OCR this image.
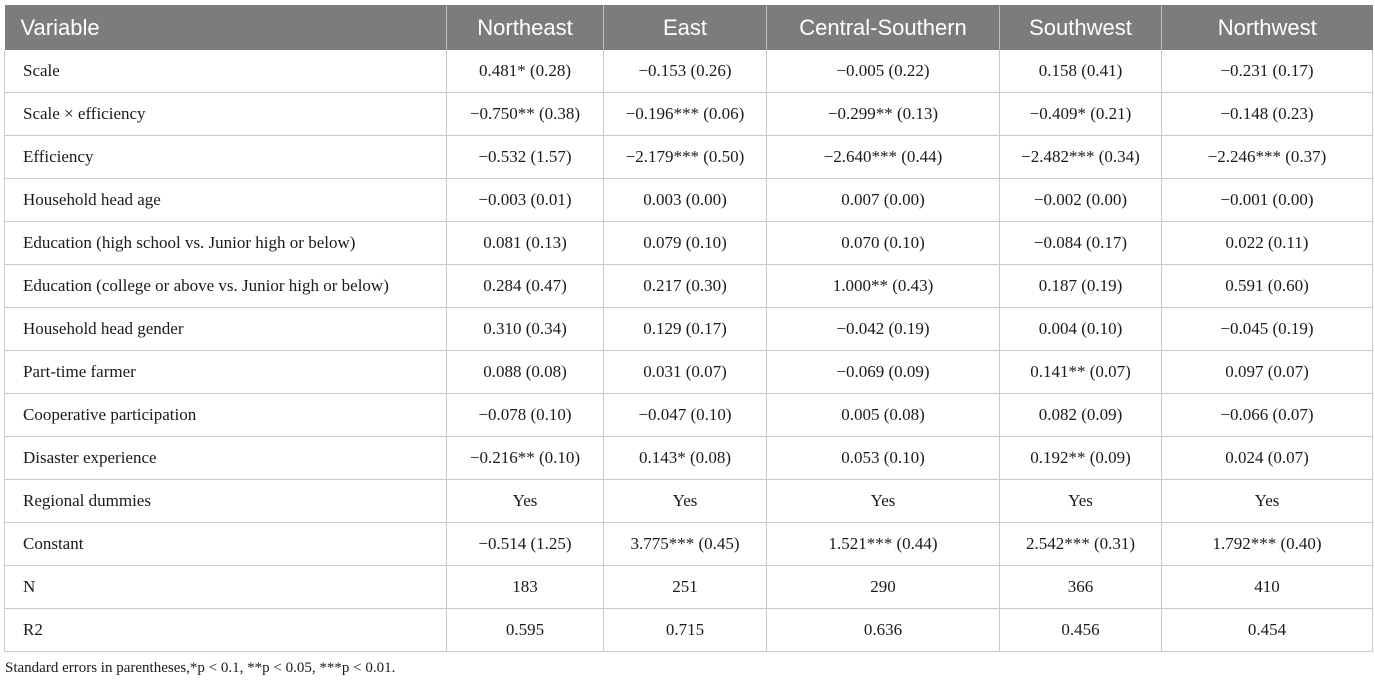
Variable	Northeast	East	Central-Southern	Southwest	Northwest
Scale	0.481* (0.28)	−0.153 (0.26)	−0.005 (0.22)	0.158 (0.41)	−0.231 (0.17)
Scale × efficiency	−0.750** (0.38)	−0.196*** (0.06)	−0.299** (0.13)	−0.409* (0.21)	−0.148 (0.23)
Efficiency	−0.532 (1.57)	−2.179*** (0.50)	−2.640*** (0.44)	−2.482*** (0.34)	−2.246*** (0.37)
Household head age	−0.003 (0.01)	0.003 (0.00)	0.007 (0.00)	−0.002 (0.00)	−0.001 (0.00)
Education (high school vs. Junior high or below)	0.081 (0.13)	0.079 (0.10)	0.070 (0.10)	−0.084 (0.17)	0.022 (0.11)
Education (college or above vs. Junior high or below)	0.284 (0.47)	0.217 (0.30)	1.000** (0.43)	0.187 (0.19)	0.591 (0.60)
Household head gender	0.310 (0.34)	0.129 (0.17)	−0.042 (0.19)	0.004 (0.10)	−0.045 (0.19)
Part-time farmer	0.088 (0.08)	0.031 (0.07)	−0.069 (0.09)	0.141** (0.07)	0.097 (0.07)
Cooperative participation	−0.078 (0.10)	−0.047 (0.10)	0.005 (0.08)	0.082 (0.09)	−0.066 (0.07)
Disaster experience	−0.216** (0.10)	0.143* (0.08)	0.053 (0.10)	0.192** (0.09)	0.024 (0.07)
Regional dummies	Yes	Yes	Yes	Yes	Yes
Constant	−0.514 (1.25)	3.775*** (0.45)	1.521*** (0.44)	2.542*** (0.31)	1.792*** (0.40)
N	183	251	290	366	410
R2	0.595	0.715	0.636	0.456	0.454
Standard errors in parentheses,*p < 0.1, **p < 0.05, ***p < 0.01.
